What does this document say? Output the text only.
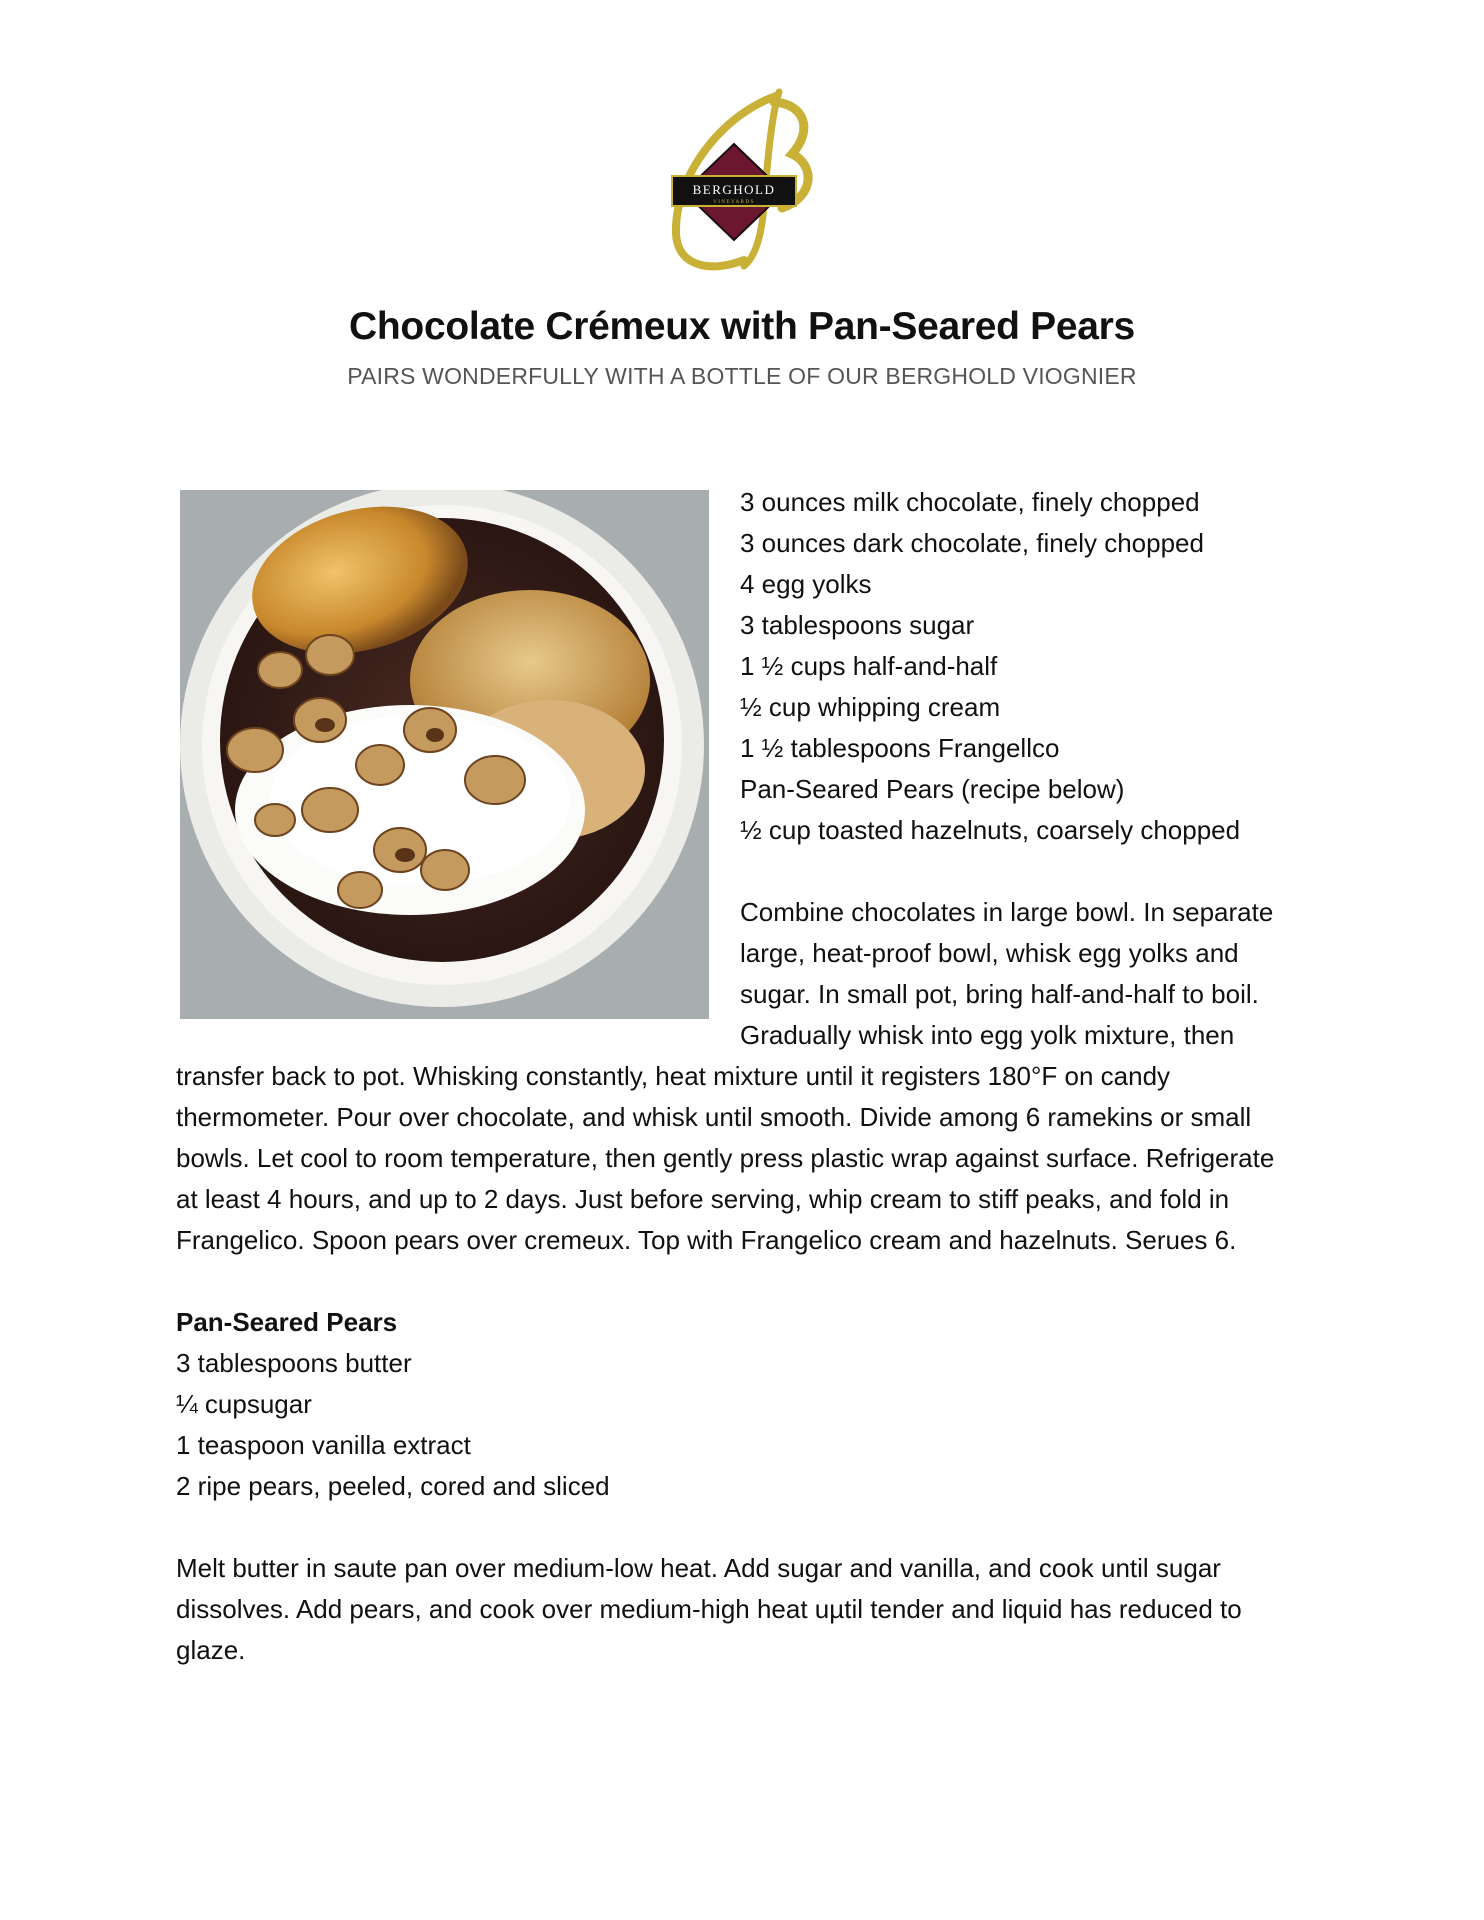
BERGHOLD
VINEYARDS
Chocolate Crémeux with Pan-Seared Pears
PAIRS WONDERFULLY WITH A BOTTLE OF OUR BERGHOLD VIOGNIER
3 ounces milk chocolate, finely chopped
3 ounces dark chocolate, finely chopped
4 egg yolks
3 tablespoons sugar
1 ½ cups half-and-half
½ cup whipping cream
1 ½ tablespoons Frangellco
Pan-Seared Pears (recipe below)
½ cup toasted hazelnuts, coarsely chopped
Combine chocolates in large bowl. In separate
large, heat-proof bowl, whisk egg yolks and
sugar. In small pot, bring half-and-half to boil.
Gradually whisk into egg yolk mixture, then
transfer back to pot. Whisking constantly, heat mixture until it registers 180°F on candy
thermometer. Pour over chocolate, and whisk until smooth. Divide among 6 ramekins or small
bowls. Let cool to room temperature, then gently press plastic wrap against surface. Refrigerate
at least 4 hours, and up to 2 days. Just before serving, whip cream to stiff peaks, and fold in
Frangelico. Spoon pears over cremeux. Top with Frangelico cream and hazelnuts. Serues 6.
Pan-Seared Pears
3 tablespoons butter
¼ cupsugar
1 teaspoon vanilla extract
2 ripe pears, peeled, cored and sliced
Melt butter in saute pan over medium-low heat. Add sugar and vanilla, and cook until sugar
dissolves. Add pears, and cook over medium-high heat uµtil tender and liquid has reduced to
glaze.
